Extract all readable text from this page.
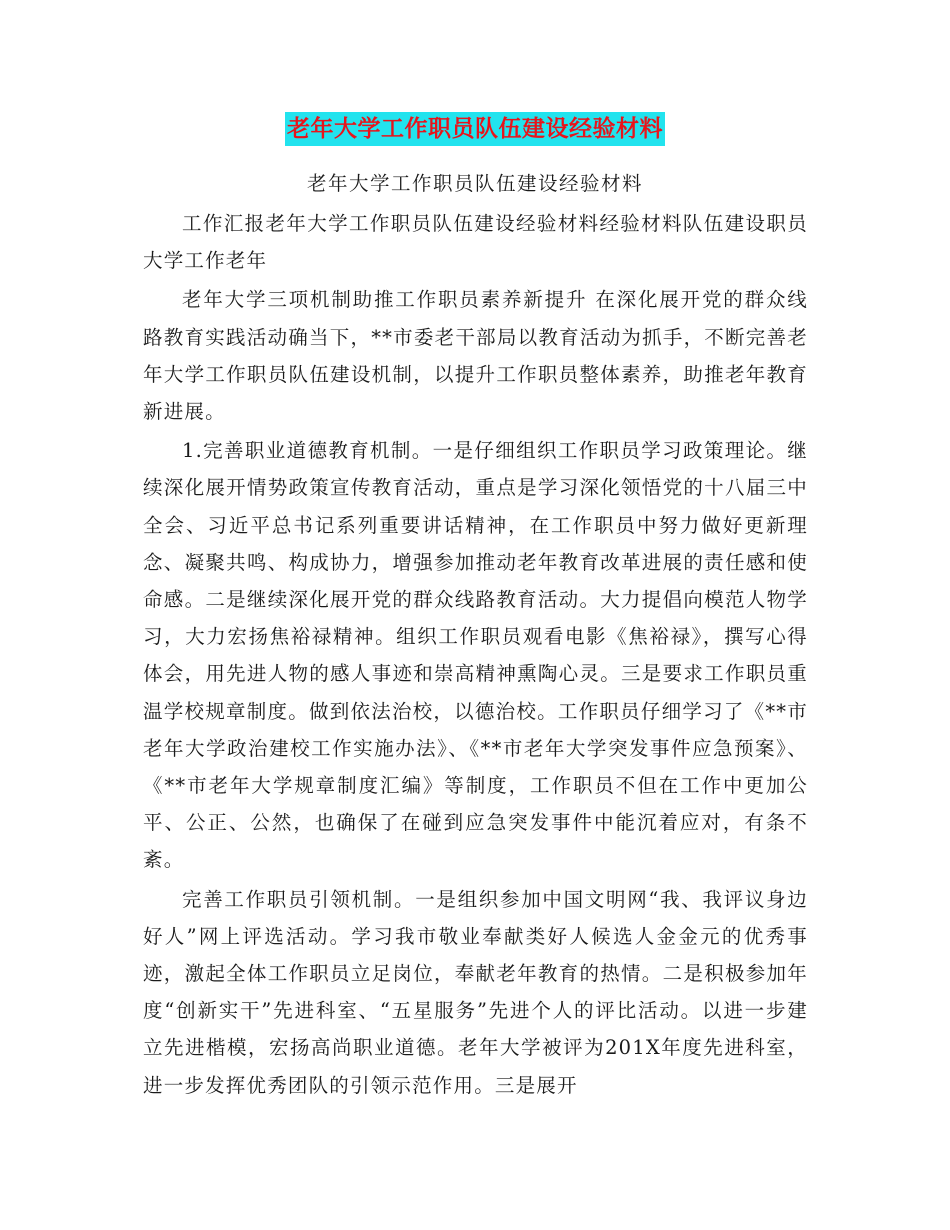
老年大学工作职员队伍建设经验材料
老年大学工作职员队伍建设经验材料

工作汇报老年大学工作职员队伍建设经验材料经验材料队伍建设职员大学工作老年

老年大学三项机制助推工作职员素养新提升 在深化展开党的群众线路教育实践活动确当下，**市委老干部局以教育活动为抓手，不断完善老年大学工作职员队伍建设机制，以提升工作职员整体素养，助推老年教育新进展。

1.完善职业道德教育机制。一是仔细组织工作职员学习政策理论。继续深化展开情势政策宣传教育活动，重点是学习深化领悟党的十八届三中全会、习近平总书记系列重要讲话精神，在工作职员中努力做好更新理念、凝聚共鸣、构成协力，增强参加推动老年教育改革进展的责任感和使命感。二是继续深化展开党的群众线路教育活动。大力提倡向模范人物学习，大力宏扬焦裕禄精神。组织工作职员观看电影《焦裕禄》，撰写心得体会，用先进人物的感人事迹和崇高精神熏陶心灵。三是要求工作职员重温学校规章制度。做到依法治校，以德治校。工作职员仔细学习了《**市老年大学政治建校工作实施办法》、《**市老年大学突发事件应急预案》、《**市老年大学规章制度汇编》等制度，工作职员不但在工作中更加公平、公正、公然，也确保了在碰到应急突发事件中能沉着应对，有条不紊。

完善工作职员引领机制。一是组织参加中国文明网“我、我评议身边好人”网上评选活动。学习我市敬业奉献类好人候选人金金元的优秀事迹，激起全体工作职员立足岗位，奉献老年教育的热情。二是积极参加年度“创新实干”先进科室、“五星服务”先进个人的评比活动。以进一步建立先进楷模，宏扬高尚职业道德。老年大学被评为201X年度先进科室，进一步发挥优秀团队的引领示范作用。三是展开
